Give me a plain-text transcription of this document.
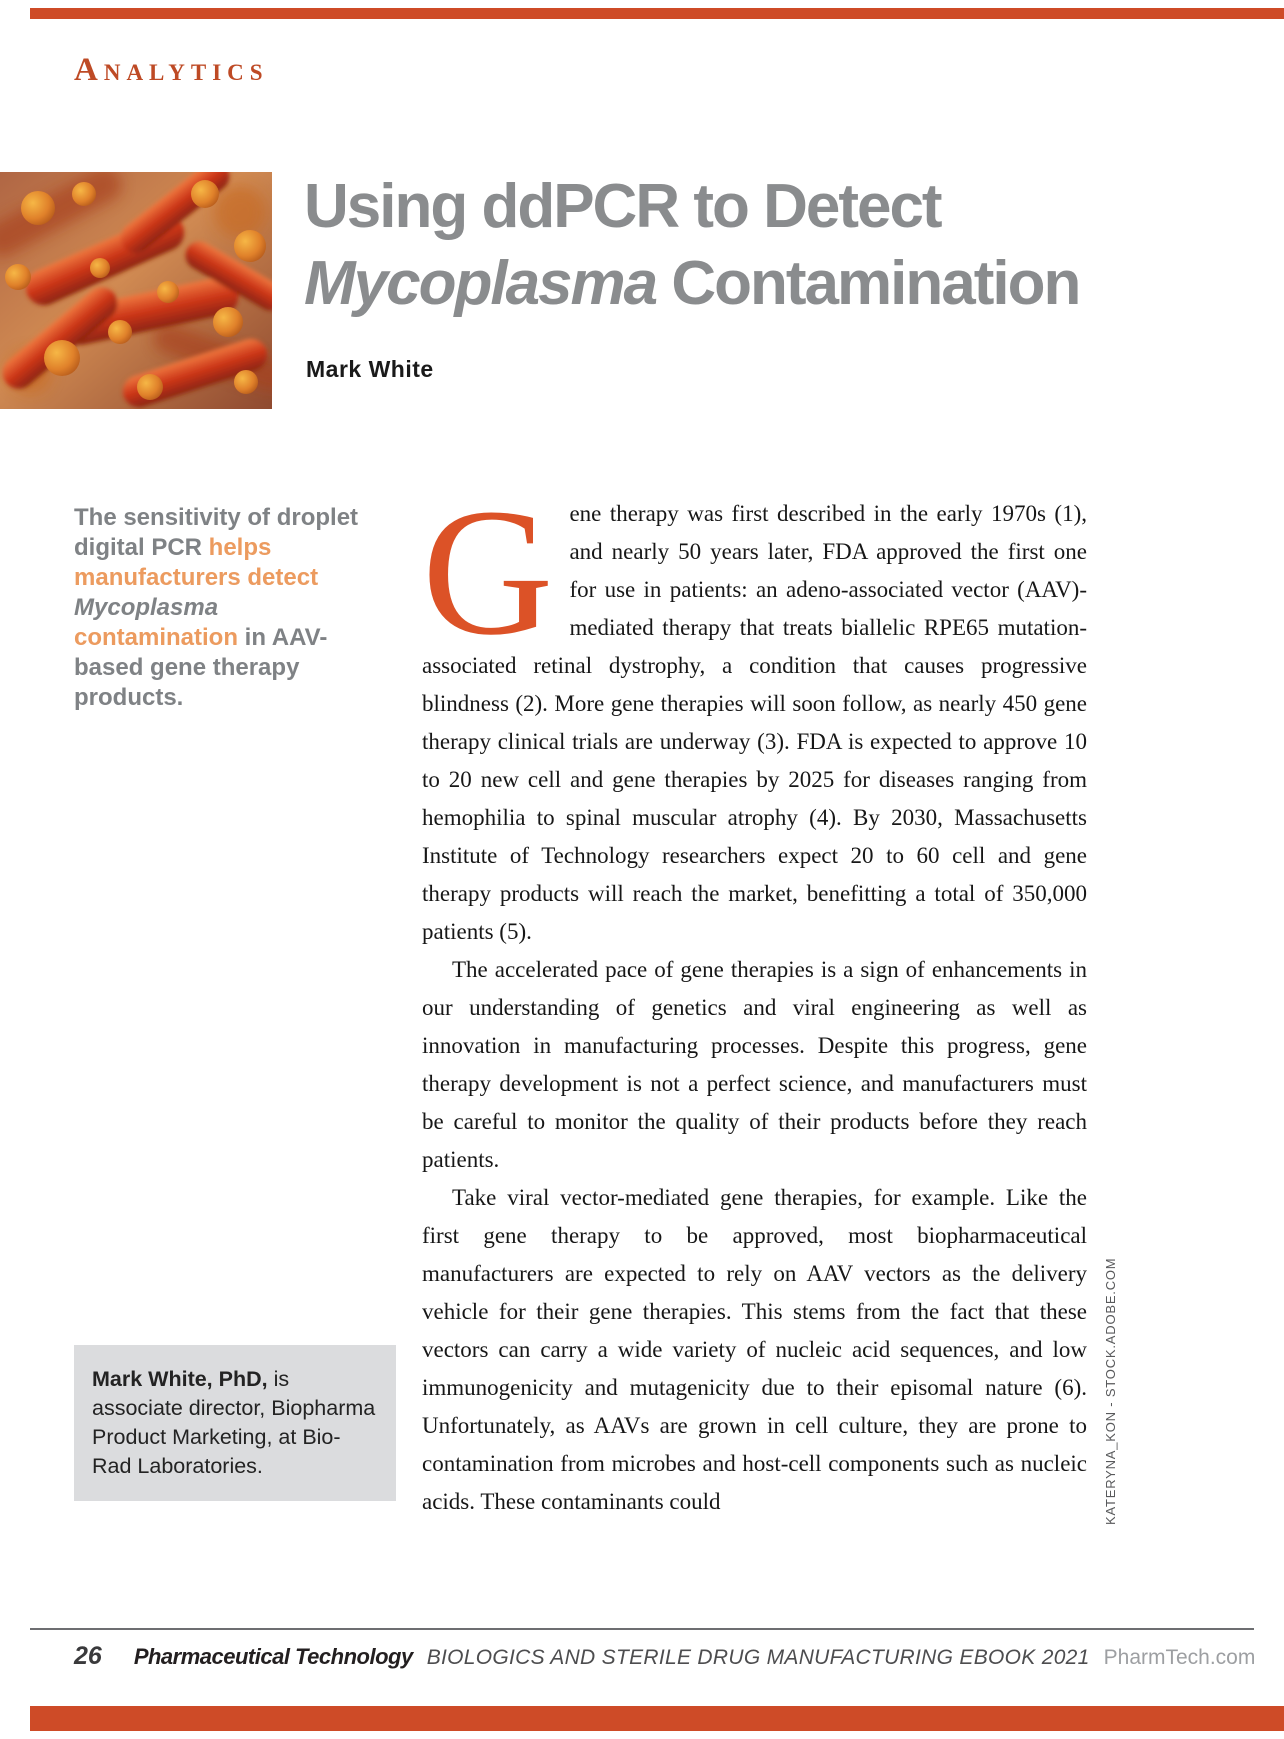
Analytics
Using ddPCR to Detect
Mycoplasma Contamination
Mark White
The sensitivity of droplet digital PCR helps manufacturers detect Mycoplasma contamination in AAV-based gene therapy products.

Gene therapy was first described in the early 1970s (1), and nearly 50 years later, FDA approved the first one for use in patients: an adeno-associated vector (AAV)-mediated therapy that treats biallelic RPE65 mutation-associated retinal dystrophy, a condition that causes progressive blindness (2). More gene therapies will soon follow, as nearly 450 gene therapy clinical trials are underway (3). FDA is expected to approve 10 to 20 new cell and gene therapies by 2025 for diseases ranging from hemophilia to spinal muscular atrophy (4). By 2030, Massachusetts Institute of Technology researchers expect 20 to 60 cell and gene therapy products will reach the market, benefitting a total of 350,000 patients (5).

The accelerated pace of gene therapies is a sign of enhancements in our understanding of genetics and viral engineering as well as innovation in manufacturing processes. Despite this progress, gene therapy development is not a perfect science, and manufacturers must be careful to monitor the quality of their products before they reach patients.

Take viral vector-mediated gene therapies, for example. Like the first gene therapy to be approved, most biopharmaceutical manufacturers are expected to rely on AAV vectors as the delivery vehicle for their gene therapies. This stems from the fact that these vectors can carry a wide variety of nucleic acid sequences, and low immunogenicity and mutagenicity due to their episomal nature (6). Unfortunately, as AAVs are grown in cell culture, they are prone to contamination from microbes and host-cell components such as nucleic acids. These contaminants could

Mark White, PhD, is associate director, Biopharma Product Marketing, at Bio-Rad Laboratories.	KATERYNA_KON - STOCK.ADOBE.COM
26 Pharmaceutical Technology BIOLOGICS AND STERILE DRUG MANUFACTURING EBOOK 2021 PharmTech.com
